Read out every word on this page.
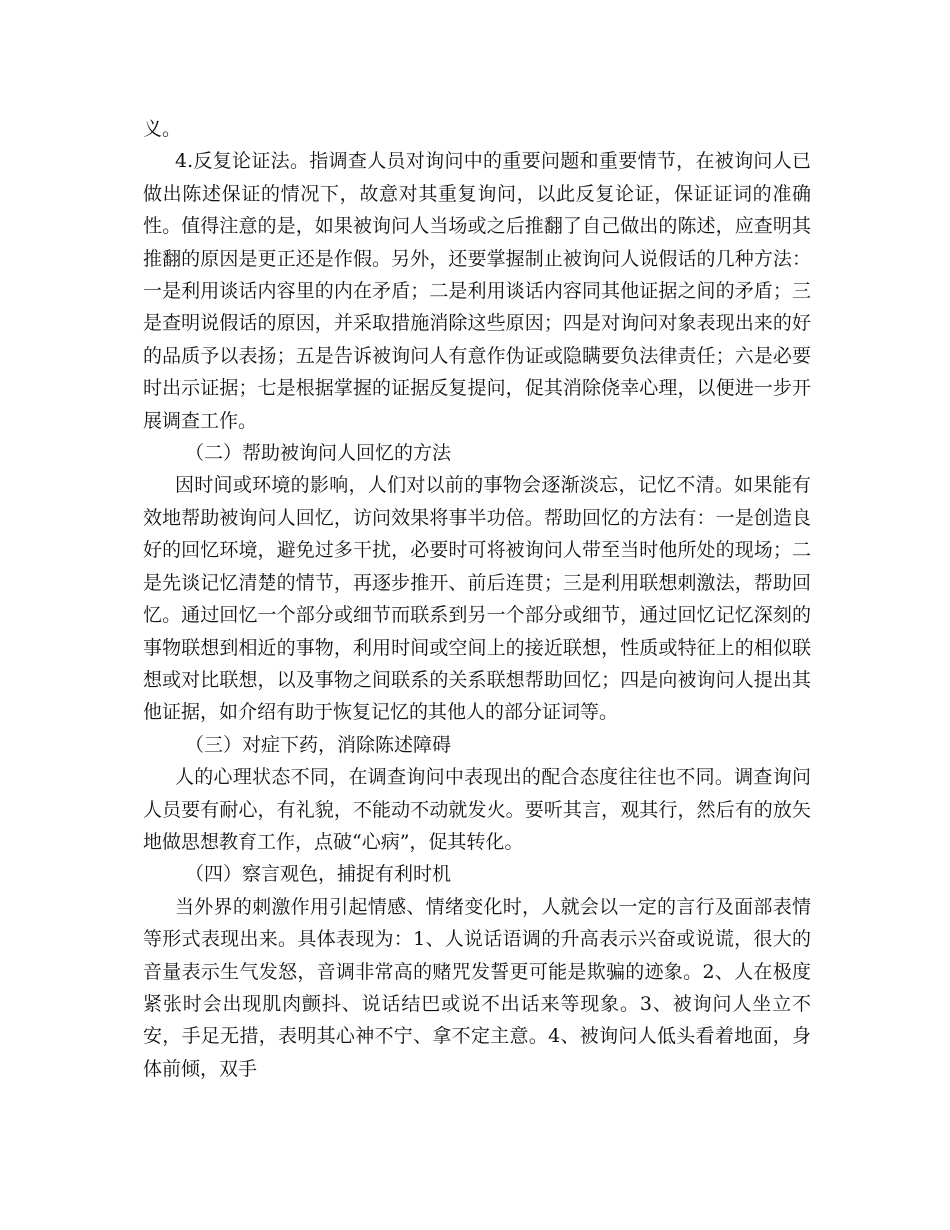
义。

4.反复论证法。指调查人员对询问中的重要问题和重要情节，在被询问人已做出陈述保证的情况下，故意对其重复询问，以此反复论证，保证证词的准确性。值得注意的是，如果被询问人当场或之后推翻了自己做出的陈述，应查明其推翻的原因是更正还是作假。另外，还要掌握制止被询问人说假话的几种方法：一是利用谈话内容里的内在矛盾；二是利用谈话内容同其他证据之间的矛盾；三是查明说假话的原因，并采取措施消除这些原因；四是对询问对象表现出来的好的品质予以表扬；五是告诉被询问人有意作伪证或隐瞒要负法律责任；六是必要时出示证据；七是根据掌握的证据反复提问，促其消除侥幸心理，以便进一步开展调查工作。

（二）帮助被询问人回忆的方法

因时间或环境的影响，人们对以前的事物会逐渐淡忘，记忆不清。如果能有效地帮助被询问人回忆，访问效果将事半功倍。帮助回忆的方法有：一是创造良好的回忆环境，避免过多干扰，必要时可将被询问人带至当时他所处的现场；二是先谈记忆清楚的情节，再逐步推开、前后连贯；三是利用联想刺激法，帮助回忆。通过回忆一个部分或细节而联系到另一个部分或细节，通过回忆记忆深刻的事物联想到相近的事物，利用时间或空间上的接近联想，性质或特征上的相似联想或对比联想，以及事物之间联系的关系联想帮助回忆；四是向被询问人提出其他证据，如介绍有助于恢复记忆的其他人的部分证词等。

（三）对症下药，消除陈述障碍

人的心理状态不同，在调查询问中表现出的配合态度往往也不同。调查询问人员要有耐心，有礼貌，不能动不动就发火。要听其言，观其行，然后有的放矢地做思想教育工作，点破“心病”，促其转化。

（四）察言观色，捕捉有利时机

当外界的刺激作用引起情感、情绪变化时，人就会以一定的言行及面部表情等形式表现出来。具体表现为：1、人说话语调的升高表示兴奋或说谎，很大的音量表示生气发怒，音调非常高的赌咒发誓更可能是欺骗的迹象。2、人在极度紧张时会出现肌肉颤抖、说话结巴或说不出话来等现象。3、被询问人坐立不安，手足无措，表明其心神不宁、拿不定主意。4、被询问人低头看着地面，身体前倾，双手
